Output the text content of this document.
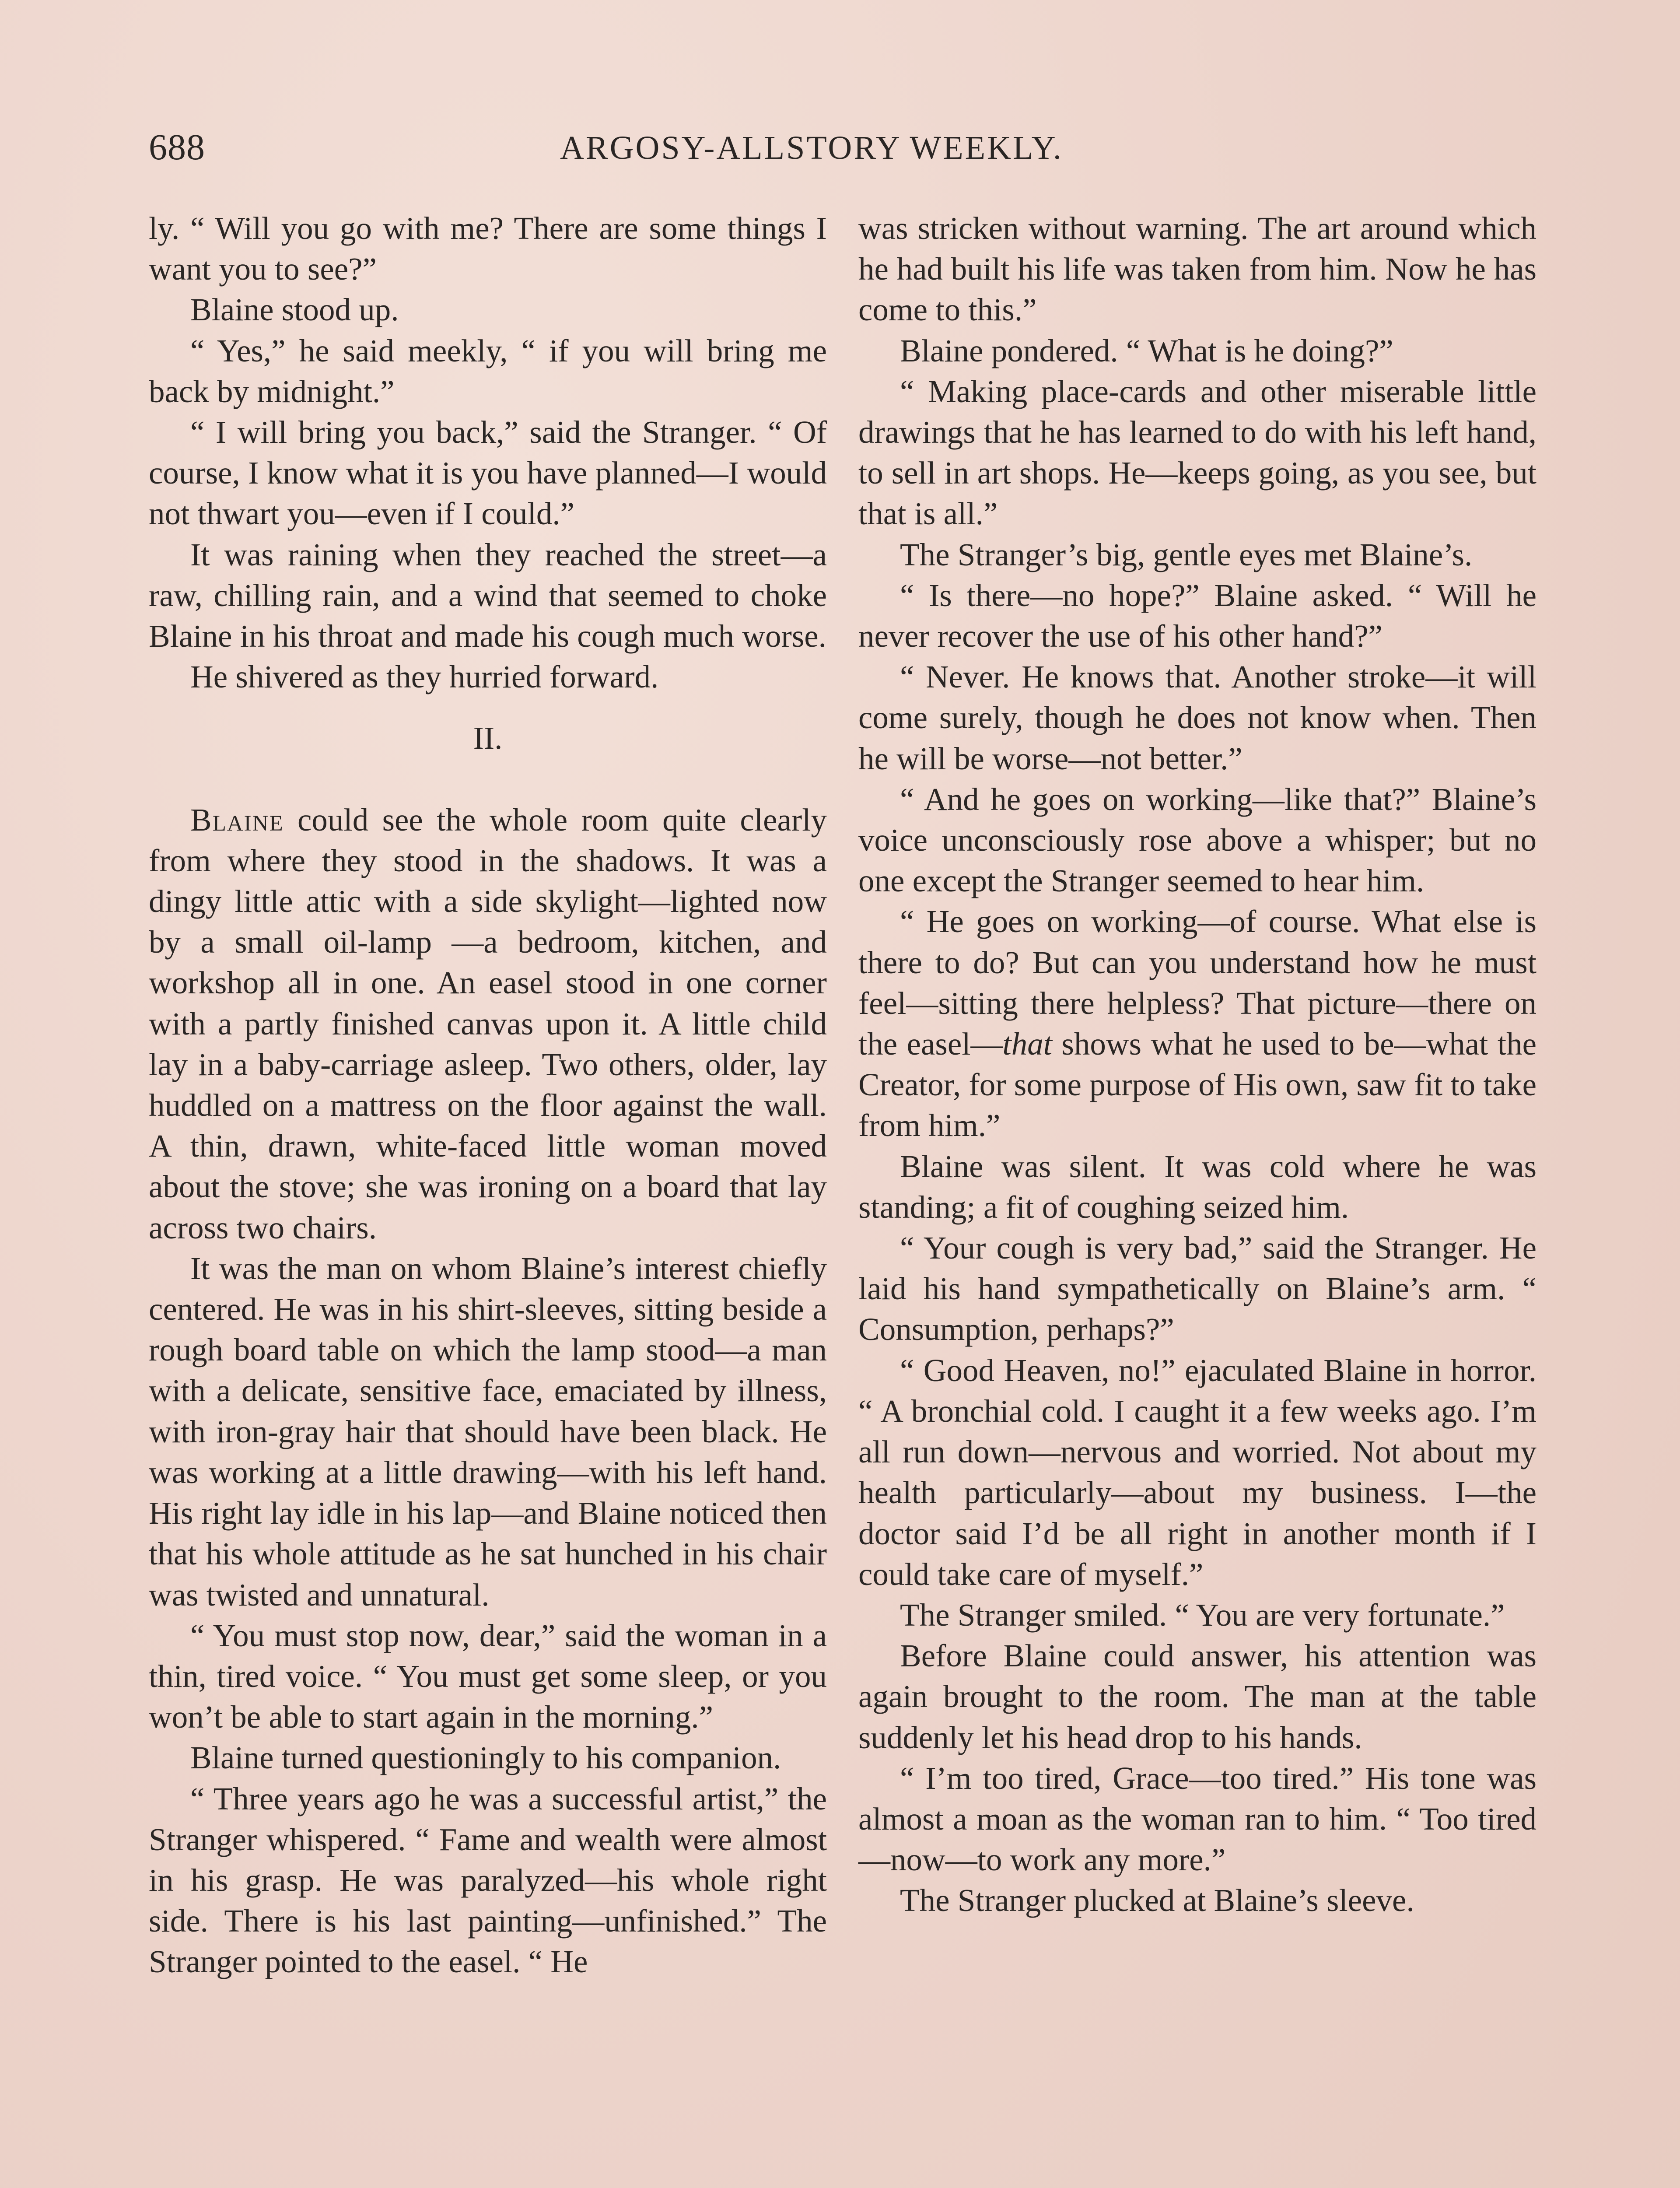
688	ARGOSY-ALLSTORY WEEKLY.

ly. “ Will you go with me? There are some things I want you to see?”

Blaine stood up.

“ Yes,” he said meekly, “ if you will bring me back by midnight.”

“ I will bring you back,” said the Stranger. “ Of course, I know what it is you have planned—I would not thwart you—even if I could.”

It was raining when they reached the street—a raw, chilling rain, and a wind that seemed to choke Blaine in his throat and made his cough much worse.

He shivered as they hurried forward.

II.

Blaine could see the whole room quite clearly from where they stood in the shadows. It was a dingy little attic with a side skylight—lighted now by a small oil-lamp —a bedroom, kitchen, and workshop all in one. An easel stood in one corner with a partly finished canvas upon it. A little child lay in a baby-carriage asleep. Two others, older, lay huddled on a mattress on the floor against the wall. A thin, drawn, white-faced little woman moved about the stove; she was ironing on a board that lay across two chairs.

It was the man on whom Blaine’s interest chiefly centered. He was in his shirt-sleeves, sitting beside a rough board table on which the lamp stood—a man with a delicate, sensitive face, emaciated by illness, with iron-gray hair that should have been black. He was working at a little drawing—with his left hand. His right lay idle in his lap—and Blaine noticed then that his whole attitude as he sat hunched in his chair was twisted and unnatural.

“ You must stop now, dear,” said the woman in a thin, tired voice. “ You must get some sleep, or you won’t be able to start again in the morning.”

Blaine turned questioningly to his companion.

“ Three years ago he was a successful artist,” the Stranger whispered. “ Fame and wealth were almost in his grasp. He was paralyzed—his whole right side. There is his last painting—unfinished.” The Stranger pointed to the easel. “ He

was stricken without warning. The art around which he had built his life was taken from him. Now he has come to this.”

Blaine pondered. “ What is he doing?”

“ Making place-cards and other miserable little drawings that he has learned to do with his left hand, to sell in art shops. He—keeps going, as you see, but that is all.”

The Stranger’s big, gentle eyes met Blaine’s.

“ Is there—no hope?” Blaine asked. “ Will he never recover the use of his other hand?”

“ Never. He knows that. Another stroke—it will come surely, though he does not know when. Then he will be worse—not better.”

“ And he goes on working—like that?” Blaine’s voice unconsciously rose above a whisper; but no one except the Stranger seemed to hear him.

“ He goes on working—of course. What else is there to do? But can you understand how he must feel—sitting there helpless? That picture—there on the easel—that shows what he used to be—what the Creator, for some purpose of His own, saw fit to take from him.”

Blaine was silent. It was cold where he was standing; a fit of coughing seized him.

“ Your cough is very bad,” said the Stranger. He laid his hand sympathetically on Blaine’s arm. “ Consumption, perhaps?”

“ Good Heaven, no!” ejaculated Blaine in horror. “ A bronchial cold. I caught it a few weeks ago. I’m all run down—nervous and worried. Not about my health particularly—about my business. I—the doctor said I’d be all right in another month if I could take care of myself.”

The Stranger smiled. “ You are very fortunate.”

Before Blaine could answer, his attention was again brought to the room. The man at the table suddenly let his head drop to his hands.

“ I’m too tired, Grace—too tired.” His tone was almost a moan as the woman ran to him. “ Too tired—now—to work any more.”

The Stranger plucked at Blaine’s sleeve.
